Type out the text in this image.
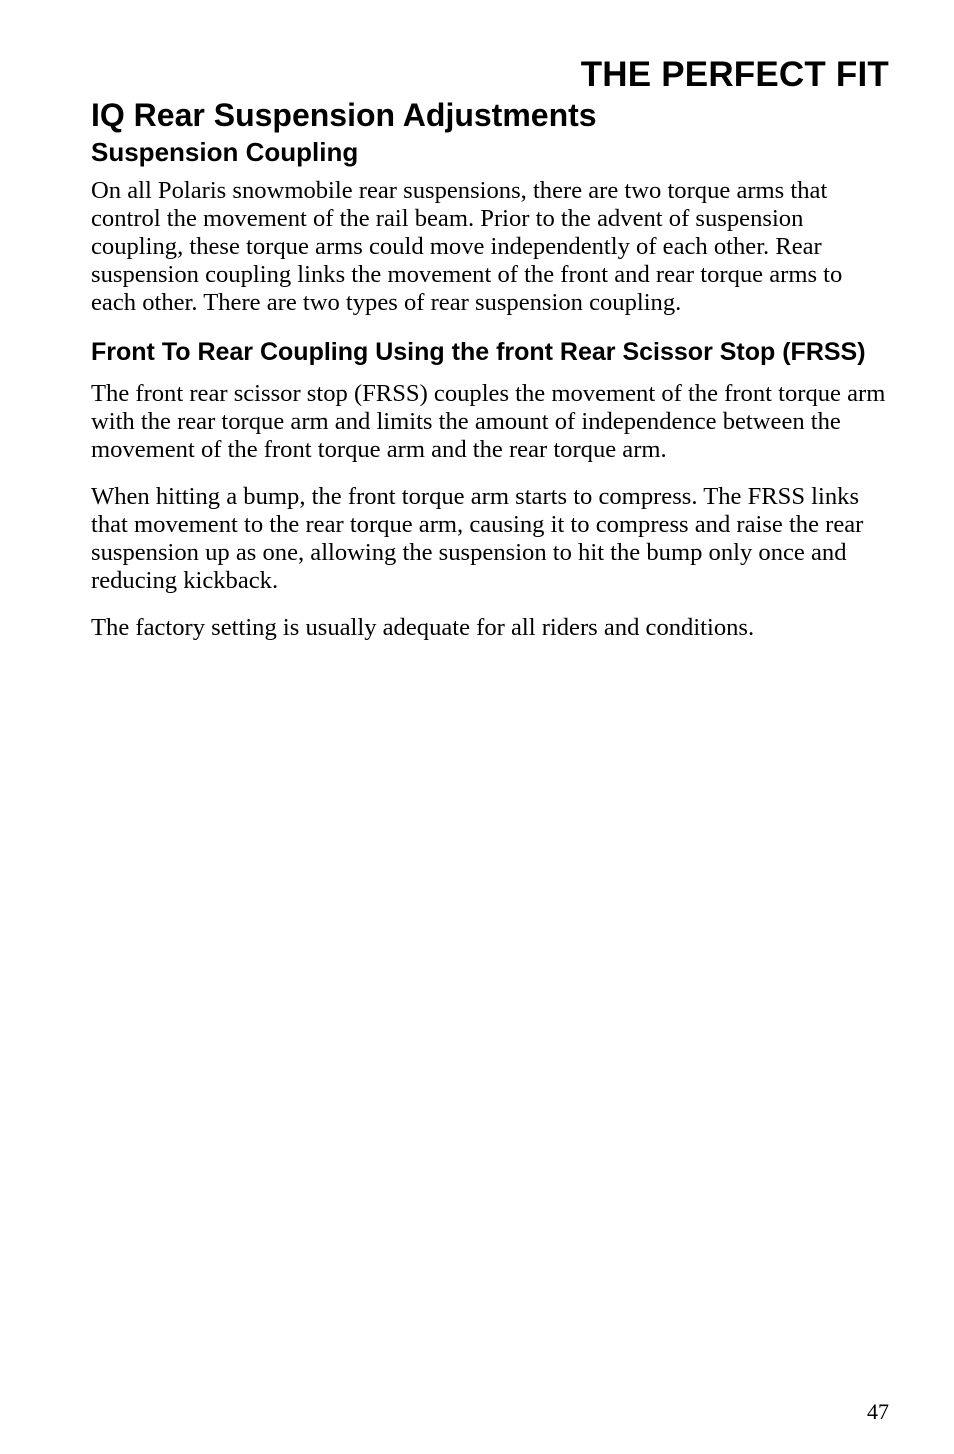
THE PERFECT FIT
IQ Rear Suspension Adjustments
Suspension Coupling

On all Polaris snowmobile rear suspensions, there are two torque arms that control the movement of the rail beam. Prior to the advent of suspension coupling, these torque arms could move independently of each other. Rear suspension coupling links the movement of the front and rear torque arms to each other. There are two types of rear suspension coupling.

Front To Rear Coupling Using the front Rear Scissor Stop (FRSS)

The front rear scissor stop (FRSS) couples the movement of the front torque arm with the rear torque arm and limits the amount of independence between the movement of the front torque arm and the rear torque arm.

When hitting a bump, the front torque arm starts to compress. The FRSS links that movement to the rear torque arm, causing it to compress and raise the rear suspension up as one, allowing the suspension to hit the bump only once and reducing kickback.

The factory setting is usually adequate for all riders and conditions.

47
